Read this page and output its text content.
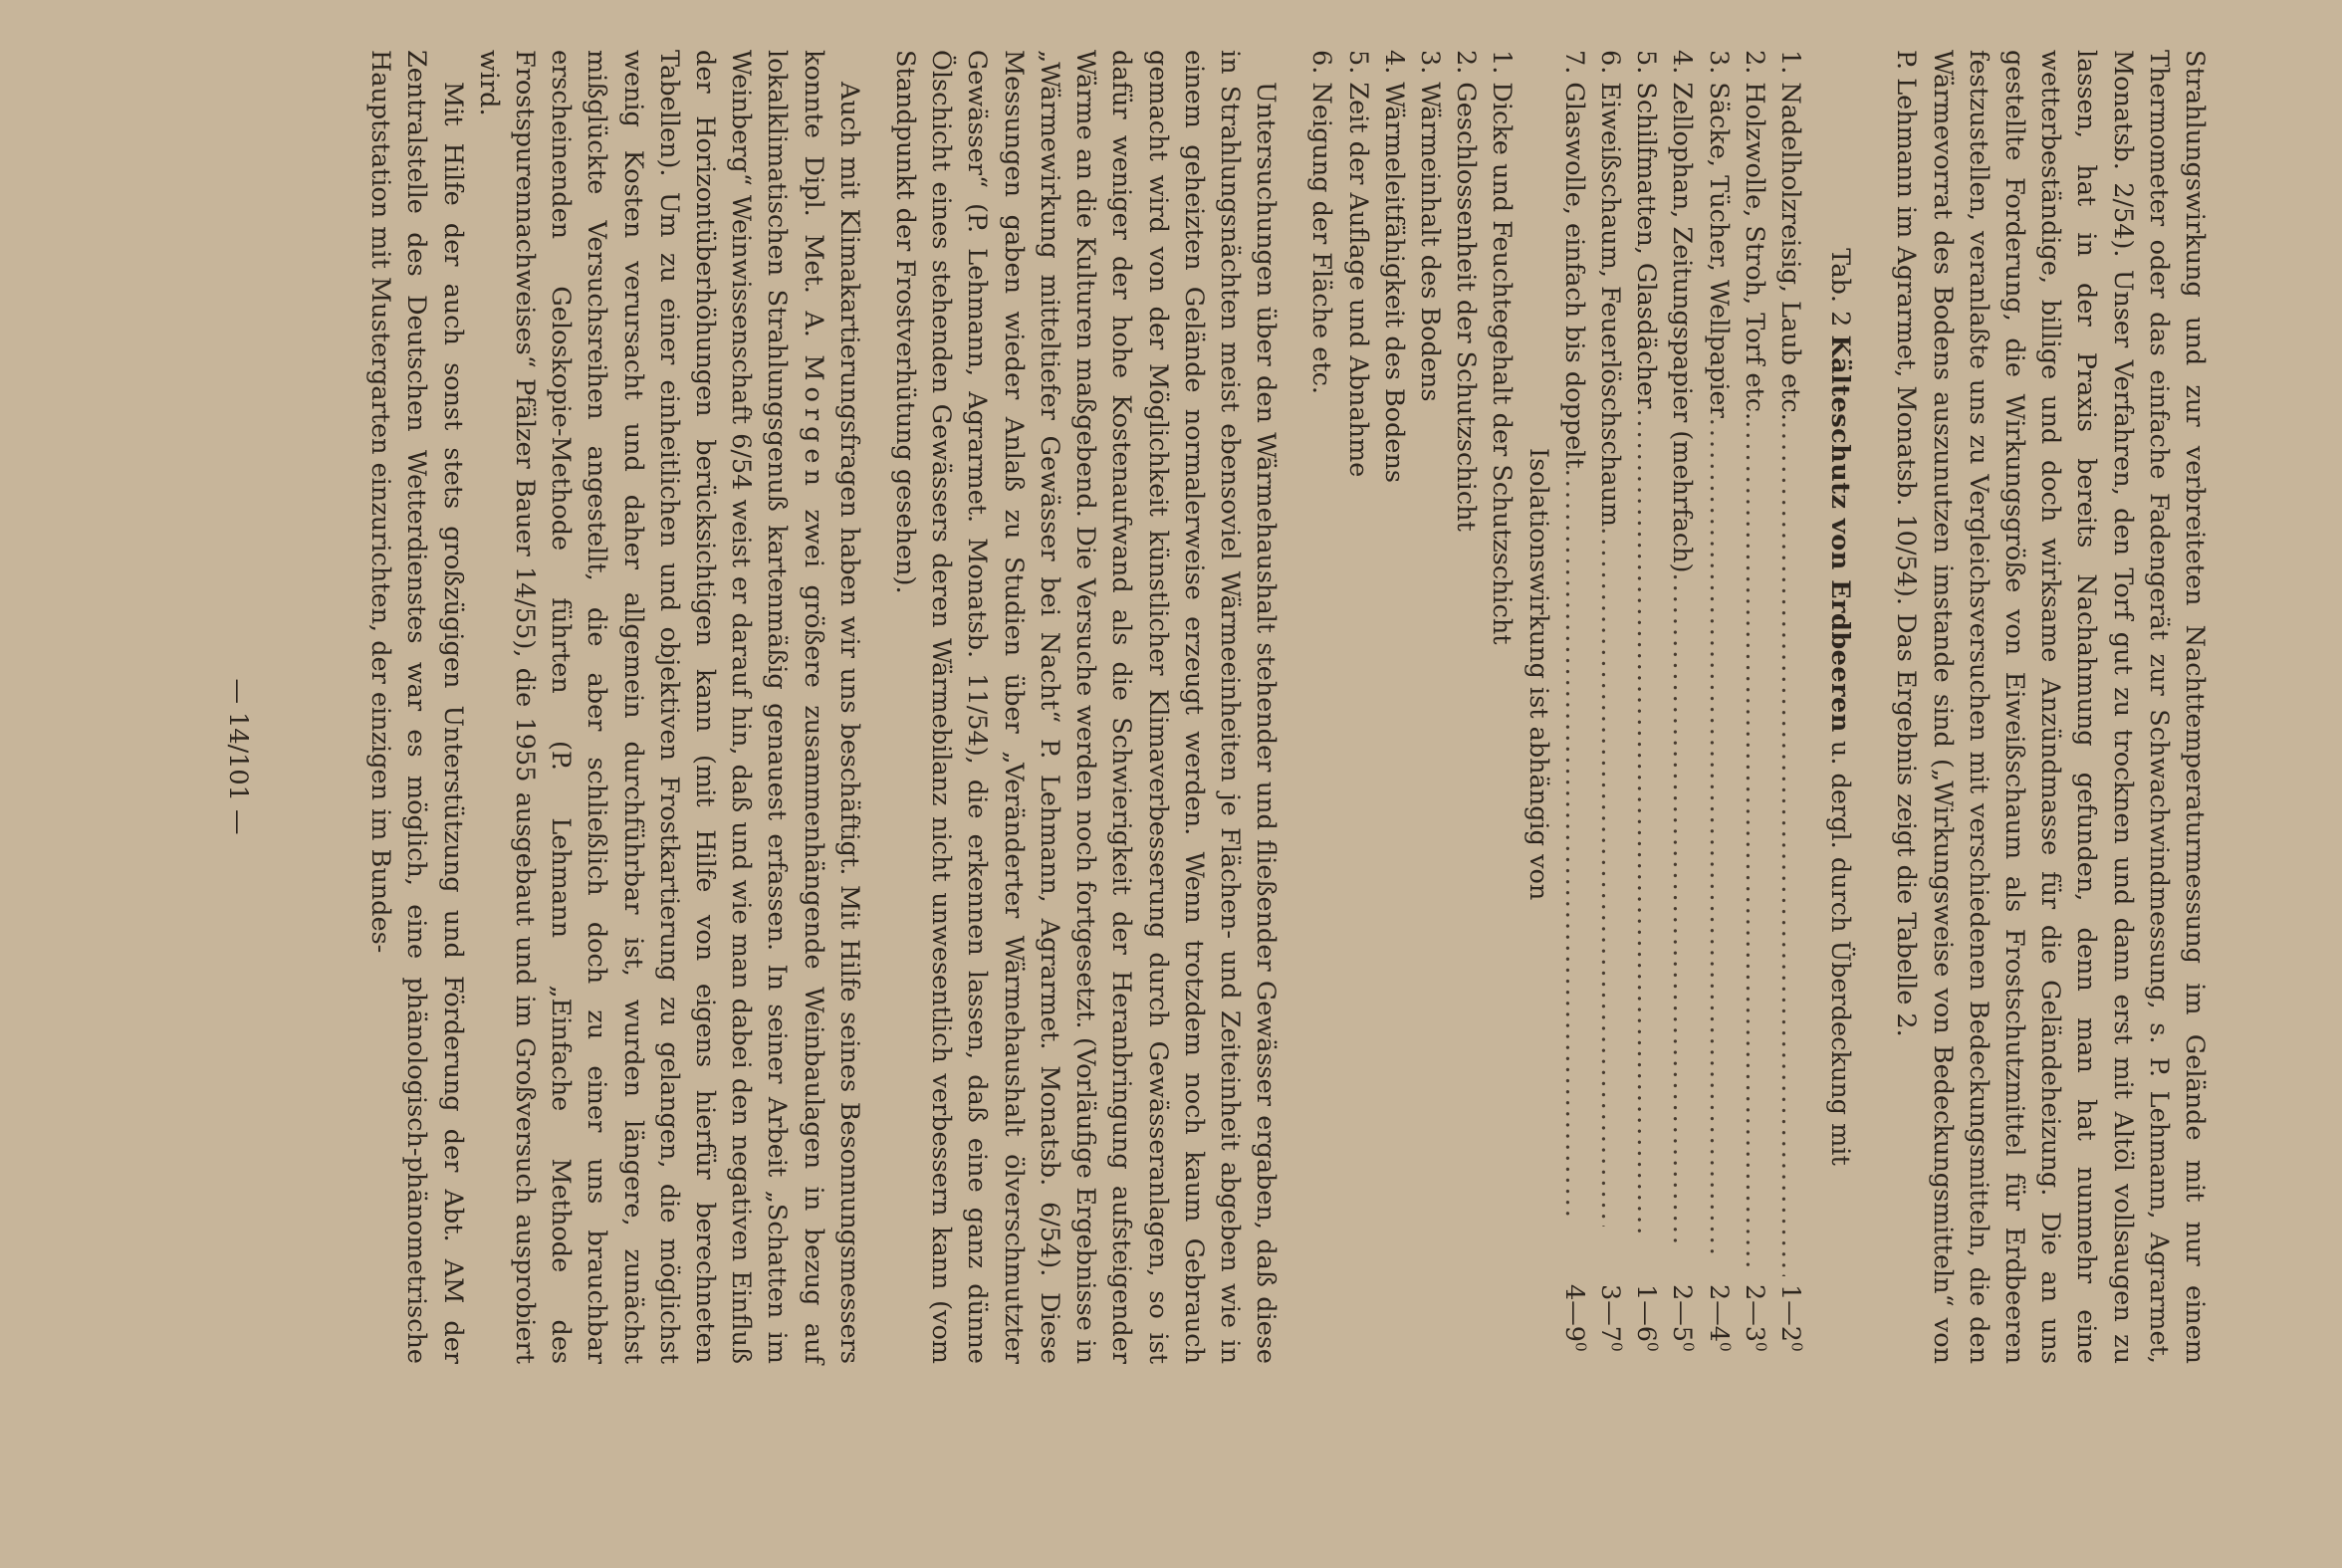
Strahlungswirkung und zur verbreiteten Nachttemperaturmessung im Gelände mit nur einem Thermometer oder das einfache Fadengerät zur Schwachwindmessung, s. P. Lehmann, Agrarmet, Monatsb. 2/54). Unser Verfahren, den Torf gut zu trocknen und dann erst mit Altöl vollsaugen zu lassen, hat in der Praxis bereits Nachahmung gefunden, denn man hat nunmehr eine wetterbeständige, billige und doch wirksame Anzündmasse für die Geländeheizung. Die an uns gestellte Forderung, die Wirkungsgröße von Eiweißschaum als Frostschutzmittel für Erdbeeren festzustellen, veranlaßte uns zu Vergleichsversuchen mit verschiedenen Bedeckungsmitteln, die den Wärmevorrat des Bodens auszunutzen imstande sind („Wirkungsweise von Bedeckungsmitteln“ von P. Lehmann im Agrarmet, Monatsb. 10/54). Das Ergebnis zeigt die Tabelle 2.

Tab. 2 Kälteschutz von Erdbeeren u. dergl. durch Überdeckung mit
1. Nadelholzreisig, Laub etc.
.....
$1—2^0$
2. Holzwolle, Stroh, Torf etc.
.....
$2—3^0$
3. Säcke, Tücher, Wellpapier
.....
$2—4^0$
4. Zellophan, Zeitungspapier (mehrfach)
.....
$2—5^0$
5. Schilfmatten, Glasdächer
.....
$1—6^0$
6. Eiweißschaum, Feuerlöschschaum
.....
$3—7^0$
7. Glaswolle, einfach bis doppelt
.....
$4—9^0$
Isolationswirkung ist abhängig von
1. Dicke und Feuchtegehalt der Schutzschicht
2. Geschlossenheit der Schutzschicht
3. Wärmeinhalt des Bodens
4. Wärmeleitfähigkeit des Bodens
5. Zeit der Auflage und Abnahme
6. Neigung der Fläche etc.

Untersuchungen über den Wärmehaushalt stehender und fließender Gewässer ergaben, daß diese in Strahlungsnächten meist ebensoviel Wärmeeinheiten je Flächen- und Zeiteinheit abgeben wie in einem geheizten Gelände normalerweise erzeugt werden. Wenn trotzdem noch kaum Gebrauch gemacht wird von der Möglichkeit künstlicher Klimaverbesserung durch Gewässeranlagen, so ist dafür weniger der hohe Kostenaufwand als die Schwierigkeit der Heranbringung aufsteigender Wärme an die Kulturen maßgebend. Die Versuche werden noch fortgesetzt. (Vorläufige Ergebnisse in „Wärmewirkung mitteltiefer Gewässer bei Nacht“ P. Lehmann, Agrarmet. Monatsb. 6/54). Diese Messungen gaben wieder Anlaß zu Studien über „Veränderter Wärmehaushalt ölverschmutzter Gewässer“ (P. Lehmann, Agrarmet. Monatsb. 11/54), die erkennen lassen, daß eine ganz dünne Ölschicht eines stehenden Gewässers deren Wärmebilanz nicht unwesentlich verbessern kann (vom Standpunkt der Frostverhütung gesehen).

Auch mit Klimakartierungsfragen haben wir uns beschäftigt. Mit Hilfe seines Besonnungsmessers konnte Dipl. Met. A. Morgen zwei größere zusammenhängende Weinbaulagen in bezug auf lokalklimatischen Strahlungsgenuß kartenmäßig genauest erfassen. In seiner Arbeit „Schatten im Weinberg“ Weinwissenschaft 6/54 weist er darauf hin, daß und wie man dabei den negativen Einfluß der Horizontüberhöhungen berücksichtigen kann (mit Hilfe von eigens hierfür berechneten Tabellen). Um zu einer einheitlichen und objektiven Frostkartierung zu gelangen, die möglichst wenig Kosten verursacht und daher allgemein durchführbar ist, wurden längere, zunächst mißglückte Versuchsreihen angestellt, die aber schließlich doch zu einer uns brauchbar erscheinenden Geloskopie-Methode führten (P. Lehmann „Einfache Methode des Frostspurennachweises“ Pfälzer Bauer 14/55), die 1955 ausgebaut und im Großversuch ausprobiert wird.

Mit Hilfe der auch sonst stets großzügigen Unterstützung und Förderung der Abt. AM der Zentralstelle des Deutschen Wetterdienstes war es möglich, eine phänologisch-phänometrische Hauptstation mit Mustergarten einzurichten, der einzigen im Bundes-

— 14/101 —
